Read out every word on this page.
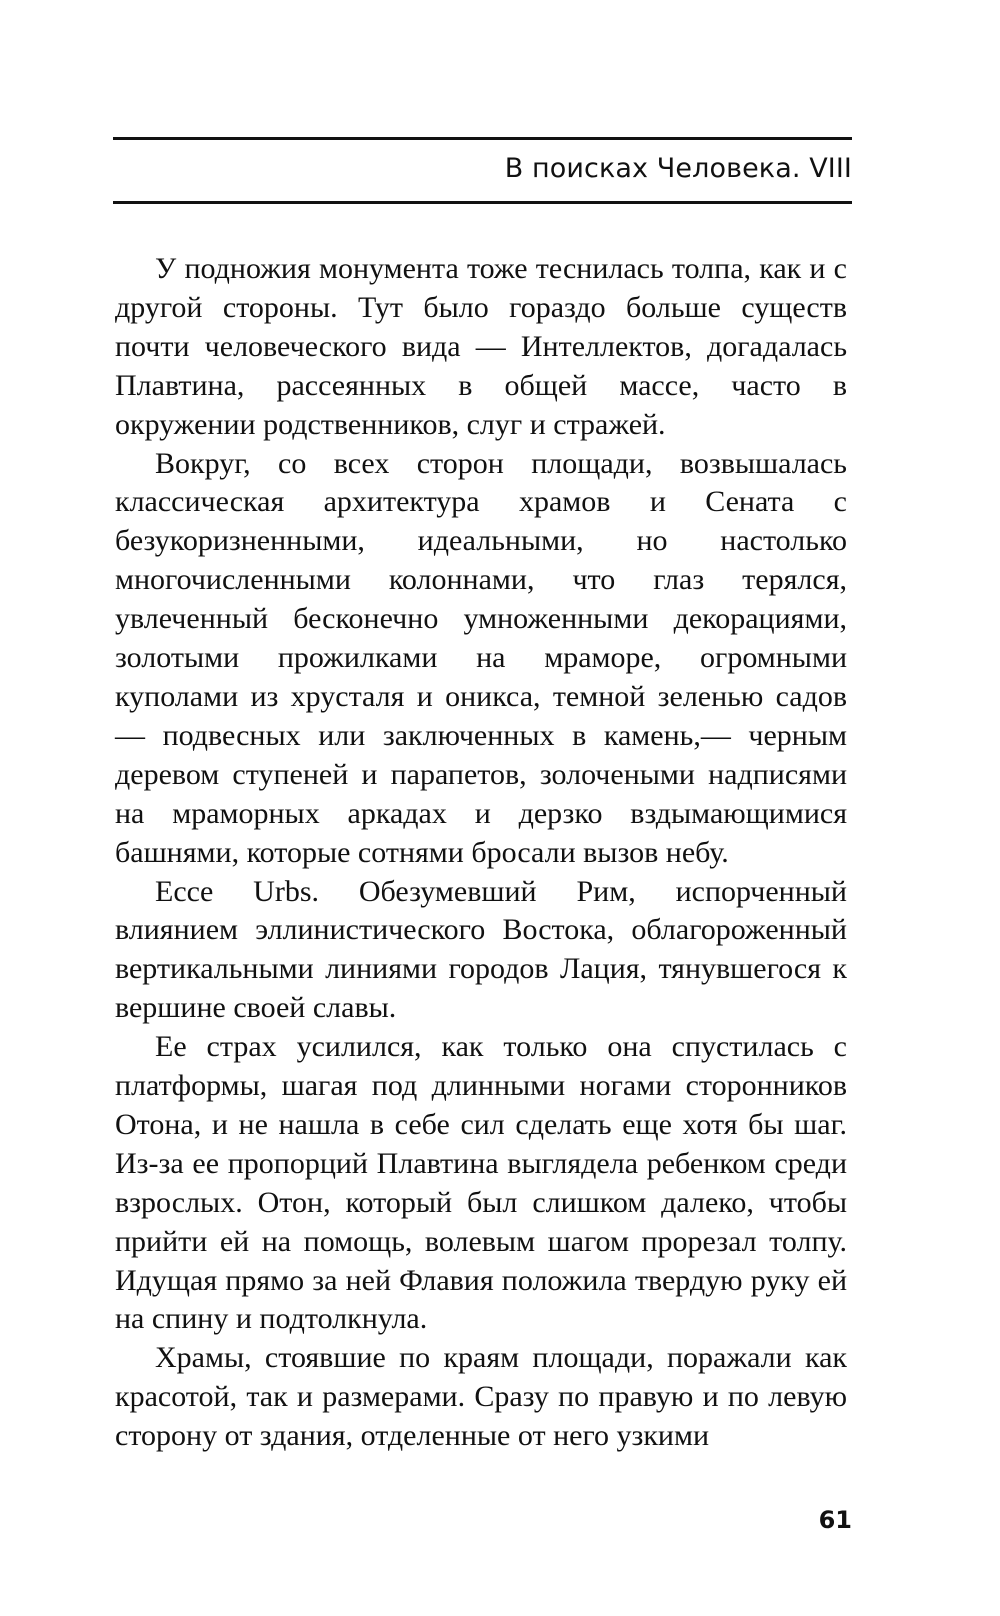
В поисках Человека. VIII

У подножия монумента тоже теснилась толпа, как и с другой стороны. Тут было гораздо больше существ почти человеческого вида — Интеллектов, догадалась Плавтина, рассеянных в общей массе, часто в окружении родственников, слуг и стражей.

Вокруг, со всех сторон площади, возвышалась классическая архитектура храмов и Сената с безукоризненными, идеальными, но настолько многочисленными колоннами, что глаз терялся, увлеченный бесконечно умноженными декорациями, золотыми прожилками на мраморе, огромными куполами из хрусталя и оникса, темной зеленью садов — подвесных или заключенных в камень,— черным деревом ступеней и парапетов, золочеными надписями на мраморных аркадах и дерзко вздымающимися башнями, которые сотнями бросали вызов небу.

Ecce Urbs. Обезумевший Рим, испорченный влиянием эллинистического Востока, облагороженный вертикальными линиями городов Лация, тянувшегося к вершине своей славы.

Ее страх усилился, как только она спустилась с платформы, шагая под длинными ногами сторонников Отона, и не нашла в себе сил сделать еще хотя бы шаг. Из-за ее пропорций Плавтина выглядела ребенком среди взрослых. Отон, который был слишком далеко, чтобы прийти ей на помощь, волевым шагом прорезал толпу. Идущая прямо за ней Флавия положила твердую руку ей на спину и подтолкнула.

Храмы, стоявшие по краям площади, поражали как красотой, так и размерами. Сразу по правую и по левую сторону от здания, отделенные от него узкими

61
